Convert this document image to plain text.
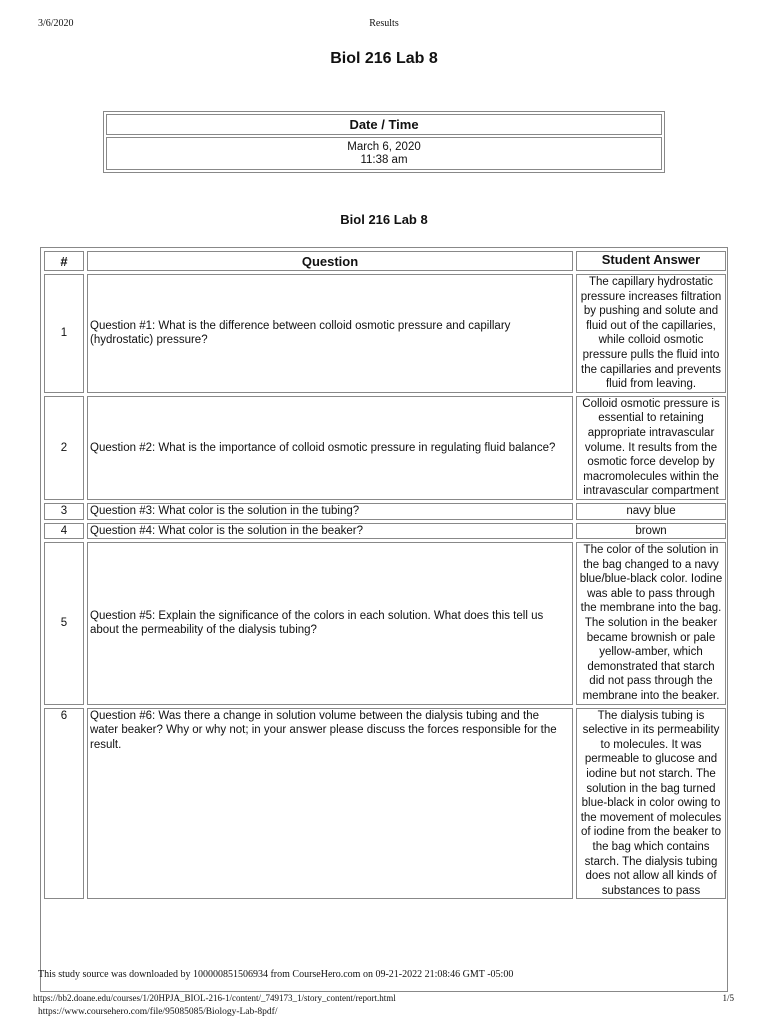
3/6/2020	Results
Biol 216 Lab 8
Date / Time
March 6, 2020
11:38 am
Biol 216 Lab 8
#	Question	Student Answer
1	Question #1: What is the difference between colloid osmotic pressure and capillary (hydrostatic) pressure?	The capillary hydrostatic pressure increases filtration by pushing and solute and fluid out of the capillaries, while colloid osmotic pressure pulls the fluid into the capillaries and prevents fluid from leaving.
2	Question #2: What is the importance of colloid osmotic pressure in regulating fluid balance?	Colloid osmotic pressure is essential to retaining appropriate intravascular volume. It results from the osmotic force develop by macromolecules within the intravascular compartment
3	Question #3: What color is the solution in the tubing?	navy blue
4	Question #4: What color is the solution in the beaker?	brown
5	Question #5: Explain the significance of the colors in each solution. What does this tell us about the permeability of the dialysis tubing?	The color of the solution in the bag changed to a navy blue/blue-black color. Iodine was able to pass through the membrane into the bag. The solution in the beaker became brownish or pale yellow-amber, which demonstrated that starch did not pass through the membrane into the beaker.
6	Question #6: Was there a change in solution volume between the dialysis tubing and the water beaker? Why or why not; in your answer please discuss the forces responsible for the result.	The dialysis tubing is selective in its permeability to molecules. It was permeable to glucose and iodine but not starch. The solution in the bag turned blue-black in color owing to the movement of molecules of iodine from the beaker to the bag which contains starch. The dialysis tubing does not allow all kinds of substances to pass
This study source was downloaded by 100000851506934 from CourseHero.com on 09-21-2022 21:08:46 GMT -05:00
https://bb2.doane.edu/courses/1/20HPJA_BIOL-216-1/content/_749173_1/story_content/report.html	1/5
https://www.coursehero.com/file/95085085/Biology-Lab-8pdf/
